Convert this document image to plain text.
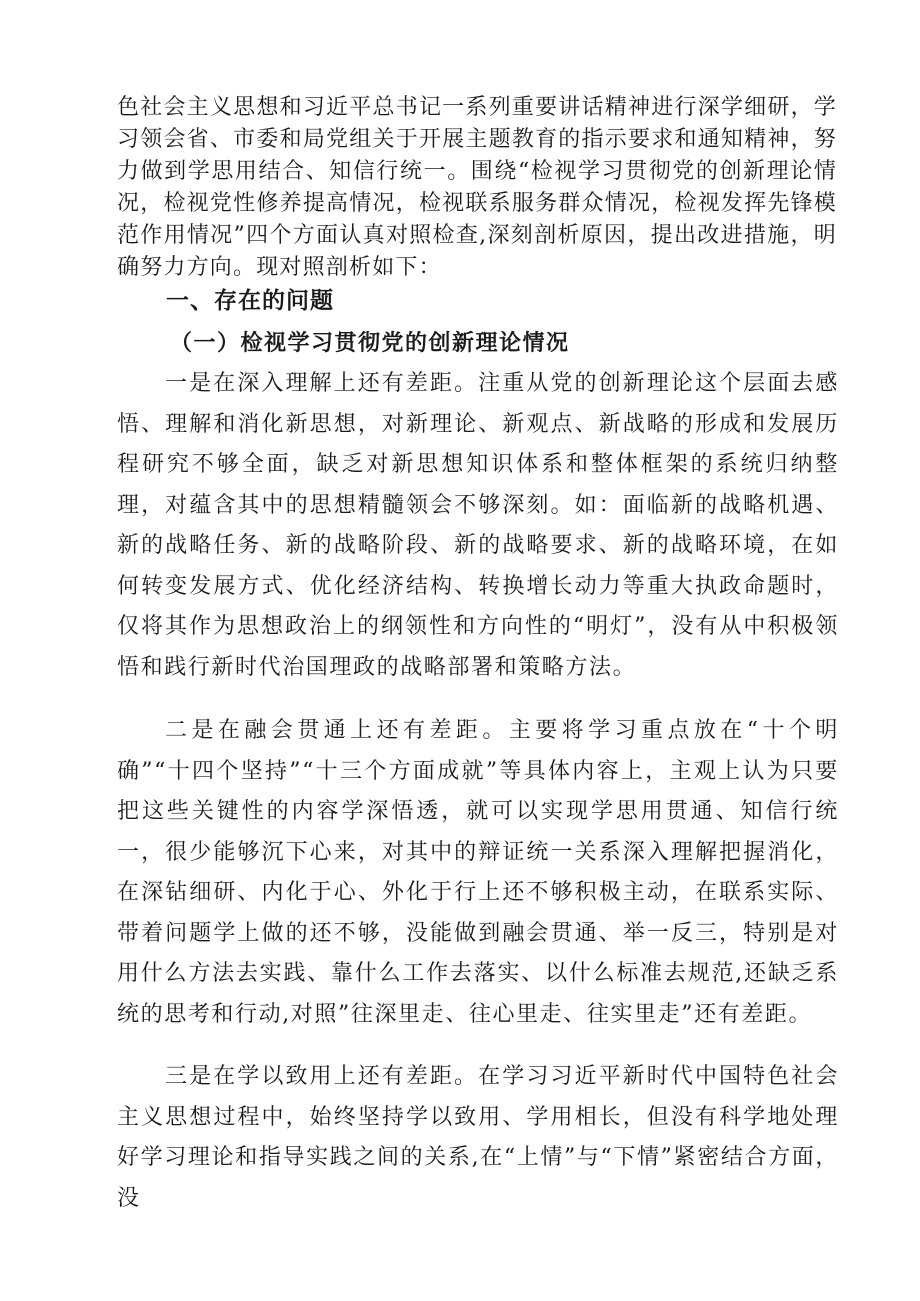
色社会主义思想和习近平总书记一系列重要讲话精神进行深学细研，学习领会省、市委和局党组关于开展主题教育的指示要求和通知精神，努力做到学思用结合、知信行统一。围绕“检视学习贯彻党的创新理论情况，检视党性修养提高情况，检视联系服务群众情况，检视发挥先锋模范作用情况”四个方面认真对照检查,深刻剖析原因，提出改进措施，明确努力方向。现对照剖析如下：

一、存在的问题
（一）检视学习贯彻党的创新理论情况

一是在深入理解上还有差距。注重从党的创新理论这个层面去感悟、理解和消化新思想，对新理论、新观点、新战略的形成和发展历程研究不够全面，缺乏对新思想知识体系和整体框架的系统归纳整理，对蕴含其中的思想精髓领会不够深刻。如：面临新的战略机遇、新的战略任务、新的战略阶段、新的战略要求、新的战略环境，在如何转变发展方式、优化经济结构、转换增长动力等重大执政命题时，仅将其作为思想政治上的纲领性和方向性的“明灯”，没有从中积极领悟和践行新时代治国理政的战略部署和策略方法。

二是在融会贯通上还有差距。主要将学习重点放在“十个明确”“十四个坚持”“十三个方面成就”等具体内容上，主观上认为只要把这些关键性的内容学深悟透，就可以实现学思用贯通、知信行统一，很少能够沉下心来，对其中的辩证统一关系深入理解把握消化，在深钻细研、内化于心、外化于行上还不够积极主动，在联系实际、带着问题学上做的还不够，没能做到融会贯通、举一反三，特别是对用什么方法去实践、靠什么工作去落实、以什么标准去规范,还缺乏系统的思考和行动,对照”往深里走、往心里走、往实里走”还有差距。

三是在学以致用上还有差距。在学习习近平新时代中国特色社会主义思想过程中，始终坚持学以致用、学用相长，但没有科学地处理好学习理论和指导实践之间的关系,在“上情”与“下情”紧密结合方面，没
